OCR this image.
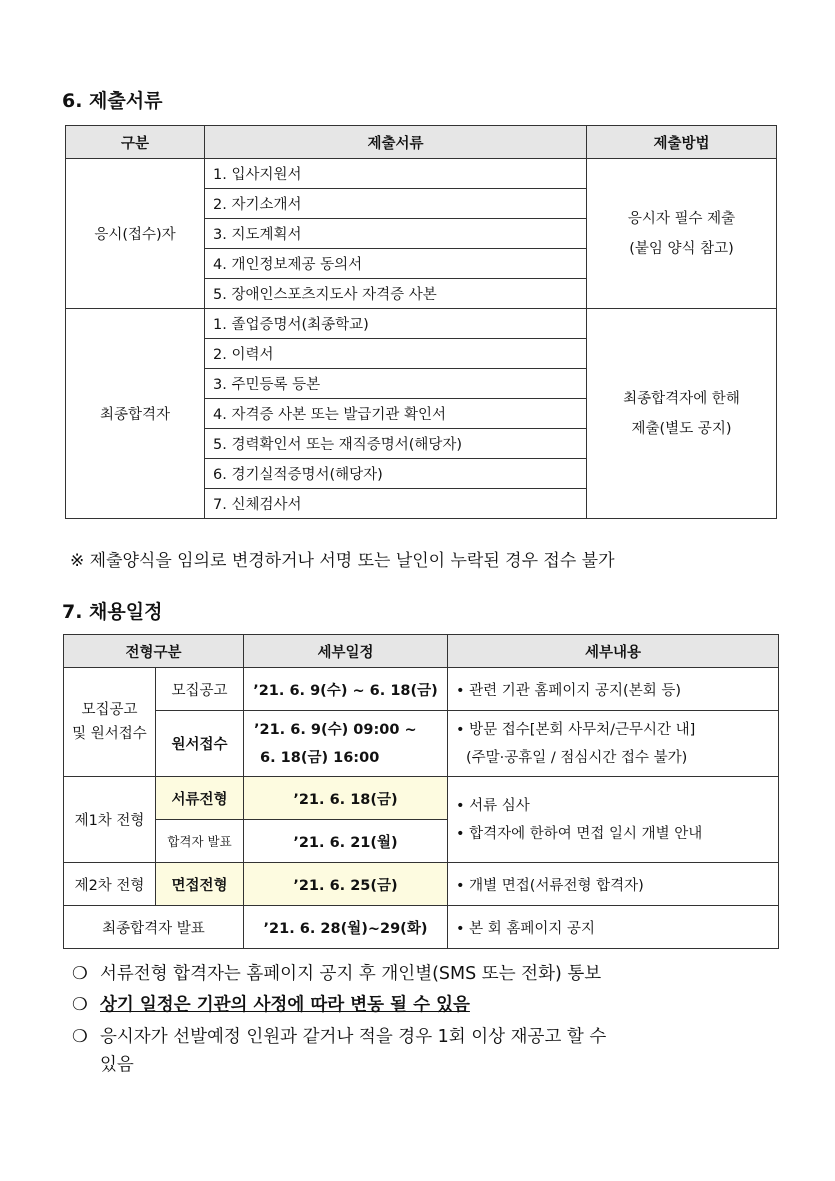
6. 제출서류
구분	제출서류	제출방법
응시(접수)자	1. 입사지원서	응시자 필수 제출
(붙임 양식 참고)
	2. 자기소개서	
	3. 지도계획서	
	4. 개인정보제공 동의서	
	5. 장애인스포츠지도사 자격증 사본	
최종합격자	1. 졸업증명서(최종학교)	최종합격자에 한해
제출(별도 공지)
	2. 이력서	
	3. 주민등록 등본	
	4. 자격증 사본 또는 발급기관 확인서	
	5. 경력확인서 또는 재직증명서(해당자)	
	6. 경기실적증명서(해당자)	
	7. 신체검사서	
※ 제출양식을 임의로 변경하거나 서명 또는 날인이 누락된 경우 접수 불가
7. 채용일정
전형구분		세부일정	세부내용
모집공고
및 원서접수	모집공고	’21. 6. 9(수) ~ 6. 18(금)	• 관련 기관 홈페이지 공지(본회 등)
	원서접수	’21. 6. 9(수) 09:00 ~
6. 18(금) 16:00	• 방문 접수[본회 사무처/근무시간 내]
(주말·공휴일 / 점심시간 접수 불가)
제1차 전형	서류전형	’21. 6. 18(금)	• 서류 심사
• 합격자에 한하여 면접 일시 개별 안내
	합격자 발표	’21. 6. 21(월)	
제2차 전형	면접전형	’21. 6. 25(금)	• 개별 면접(서류전형 합격자)
최종합격자 발표		’21. 6. 28(월)~29(화)	• 본 회 홈페이지 공지
❍ 서류전형 합격자는 홈페이지 공지 후 개인별(SMS 또는 전화) 통보
❍ 상기 일정은 기관의 사정에 따라 변동 될 수 있음
❍ 응시자가 선발예정 인원과 같거나 적을 경우 1회 이상 재공고 할 수
있음
